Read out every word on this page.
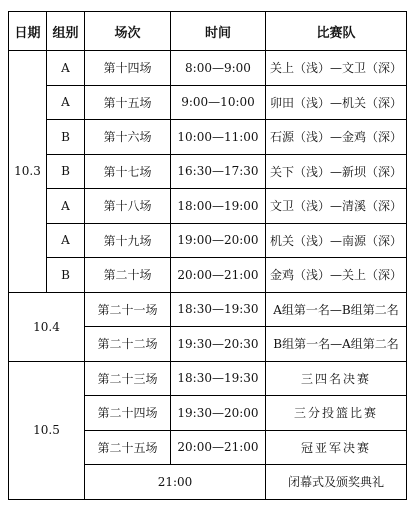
日期	组别	场次	时间	比赛队
10.3	A	第十四场	8:00—9:00	关上（浅）—文卫（深）
	A	第十五场	9:00—10:00	卯田（浅）—机关（深）
	B	第十六场	10:00—11:00	石源（浅）—金鸡（深）
	B	第十七场	16:30—17:30	关下（浅）—新坝（深）
	A	第十八场	18:00—19:00	文卫（浅）—清溪（深）
	A	第十九场	19:00—20:00	机关（浅）—南源（深）
	B	第二十场	20:00—21:00	金鸡（浅）—关上（深）
10.4		第二十一场	18:30—19:30	A组第一名—B组第二名
		第二十二场	19:30—20:30	B组第一名—A组第二名
10.5		第二十三场	18:30—19:30	三四名决赛
		第二十四场	19:30—20:00	三分投篮比赛
		第二十五场	20:00—21:00	冠亚军决赛
		21:00		闭幕式及颁奖典礼
